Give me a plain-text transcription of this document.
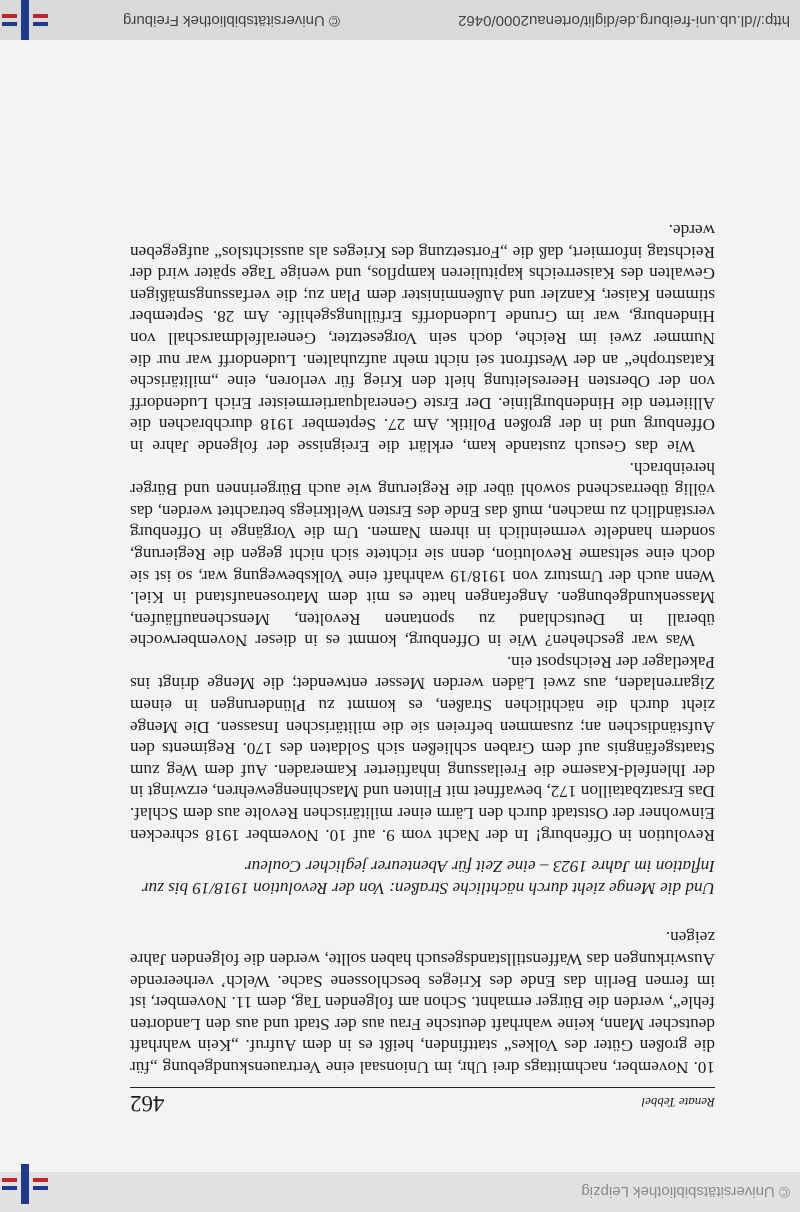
© Universitätsbibliothek Leipzig
Renate Tebbel
462

10. November, nachmittags drei Uhr, im Unionsaal eine Vertrauenskundgebung „für die großen Güter des Volkes“ stattfinden, heißt es in dem Aufruf. „Kein wahrhaft deutscher Mann, keine wahrhaft deutsche Frau aus der Stadt und aus den Landorten fehle“, werden die Bürger ermahnt. Schon am folgenden Tag, dem 11. November, ist im fernen Berlin das Ende des Krieges beschlossene Sache. Welch’ verheerende Auswirkungen das Waffenstillstandsgesuch haben sollte, werden die folgenden Jahre zeigen.

Und die Menge zieht durch nächtliche Straßen: Von der Revolution 1918/19 bis zur Inflation im Jahre 1923 – eine Zeit für Abenteurer jeglicher Couleur

Revolution in Offenburg! In der Nacht vom 9. auf 10. November 1918 schrecken Einwohner der Oststadt durch den Lärm einer militärischen Revolte aus dem Schlaf. Das Ersatzbataillon 172, bewaffnet mit Flinten und Maschinengewehren, erzwingt in der Ihlenfeld-Kaserne die Freilassung inhaftierter Kameraden. Auf dem Weg zum Staatsgefängnis auf dem Graben schließen sich Soldaten des 170. Regiments den Aufständischen an; zusammen befreien sie die militärischen Insassen. Die Menge zieht durch die nächtlichen Straßen, es kommt zu Plünderungen in einem Zigarrenladen, aus zwei Läden werden Messer entwendet; die Menge dringt ins Paketlager der Reichspost ein.

Was war geschehen? Wie in Offenburg, kommt es in dieser Novemberwoche überall in Deutschland zu spontanen Revolten, Menschenaufläufen, Massenkundgebungen. Angefangen hatte es mit dem Matrosenaufstand in Kiel. Wenn auch der Umsturz von 1918/19 wahrhaft eine Volksbewegung war, so ist sie doch eine seltsame Revolution, denn sie richtete sich nicht gegen die Regierung, sondern handelte vermeintlich in ihrem Namen. Um die Vorgänge in Offenburg verständlich zu machen, muß das Ende des Ersten Weltkriegs betrachtet werden, das völlig überraschend sowohl über die Regierung wie auch Bürgerinnen und Bürger hereinbrach.

Wie das Gesuch zustande kam, erklärt die Ereignisse der folgende Jahre in Offenburg und in der großen Politik. Am 27. September 1918 durchbrachen die Alliierten die Hindenburglinie. Der Erste Generalquartiermeister Erich Ludendorff von der Obersten Heeresleitung hielt den Krieg für verloren, eine „militärische Katastrophe“ an der Westfront sei nicht mehr aufzuhalten. Ludendorff war nur die Nummer zwei im Reiche, doch sein Vorgesetzter, Generalfeldmarschall von Hindenburg, war im Grunde Ludendorffs Erfüllungsgehilfe. Am 28. September stimmen Kaiser, Kanzler und Außenminister dem Plan zu; die verfassungsmäßigen Gewalten des Kaiserreichs kapitulieren kampflos, und wenige Tage später wird der Reichstag informiert, daß die „Fortsetzung des Krieges als aussichtslos“ aufgegeben werde.

http://dl.ub.uni-freiburg.de/diglit/ortenau2000/0462
© Universitätsbibliothek Freiburg
